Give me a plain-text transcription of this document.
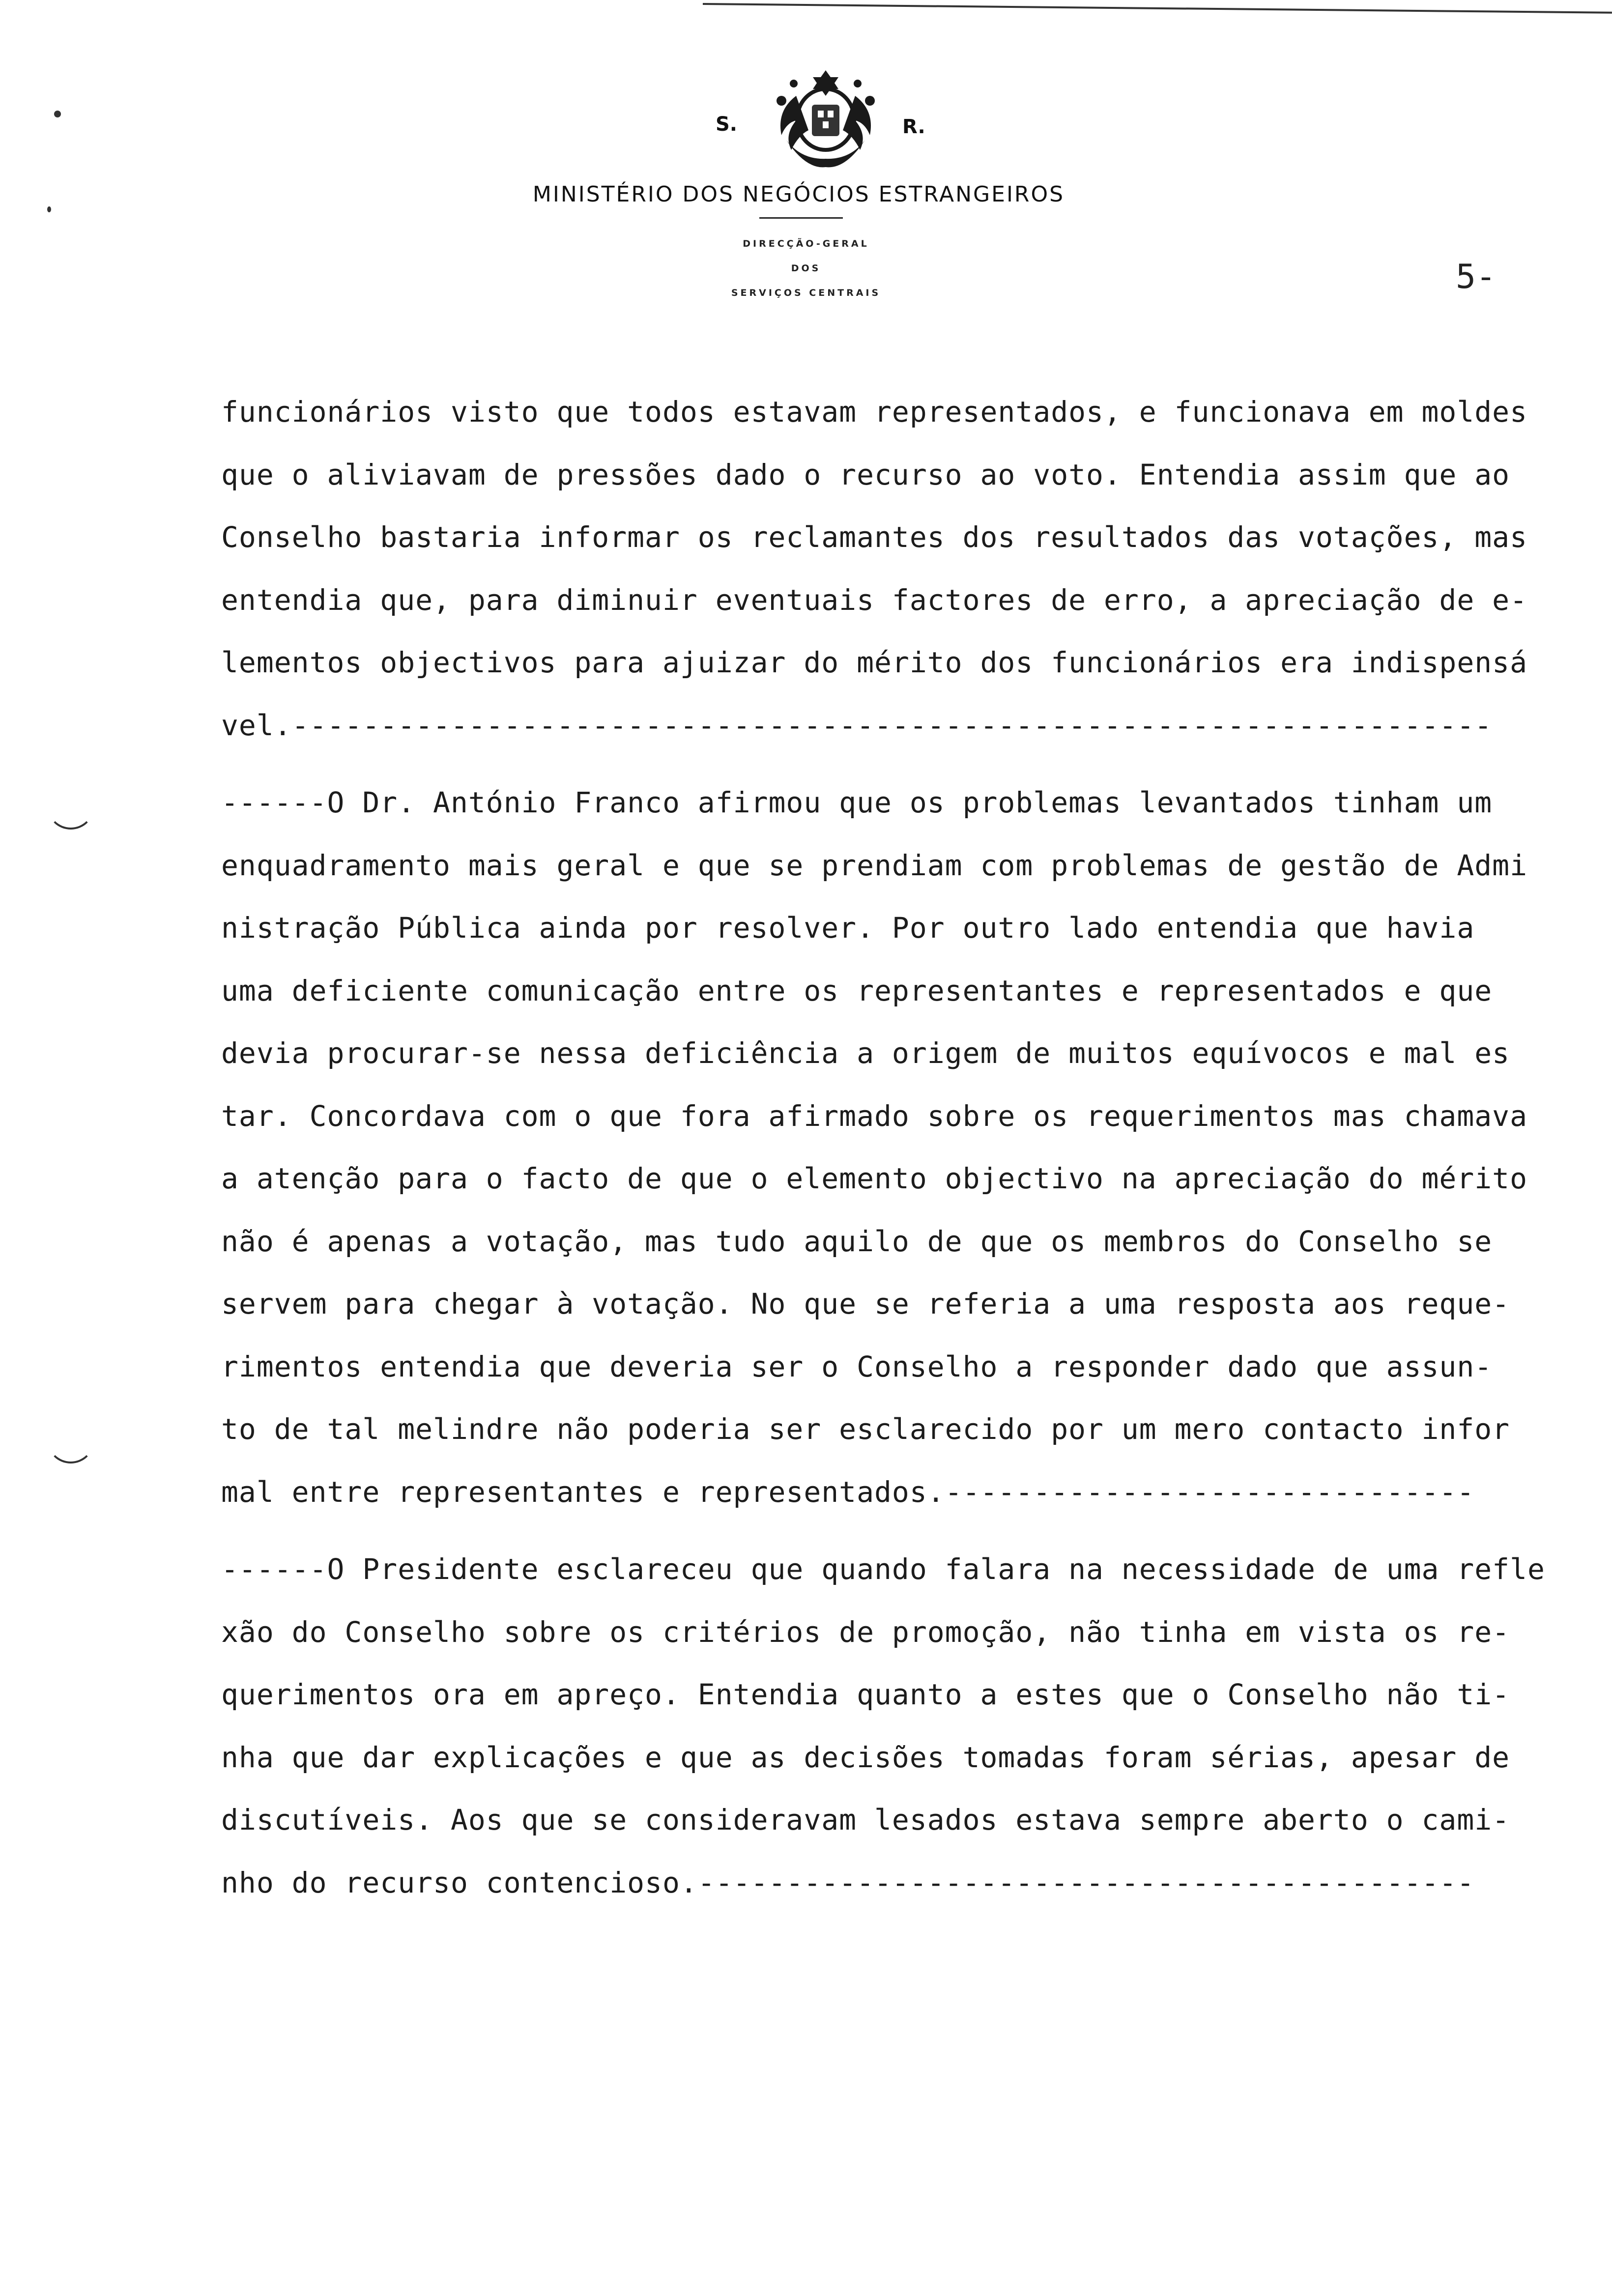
S.	R.
MINISTÉRIO DOS NEGÓCIOS ESTRANGEIROS
DIRECÇÃO-GERAL
DOS
SERVIÇOS CENTRAIS	5-
funcionários visto que todos estavam representados, e funcionava em moldes
que o aliviavam de pressões dado o recurso ao voto. Entendia assim que ao
Conselho bastaria informar os reclamantes dos resultados das votações, mas
entendia que, para diminuir eventuais factores de erro, a apreciação de e-
lementos objectivos para ajuizar do mérito dos funcionários era indispensá
vel.--------------------------------------------------------------------
------O Dr. António Franco afirmou que os problemas levantados tinham um
enquadramento mais geral e que se prendiam com problemas de gestão de Admi
nistração Pública ainda por resolver. Por outro lado entendia que havia
uma deficiente comunicação entre os representantes e representados e que
devia procurar-se nessa deficiência a origem de muitos equívocos e mal es
tar. Concordava com o que fora afirmado sobre os requerimentos mas chamava
a atenção para o facto de que o elemento objectivo na apreciação do mérito
não é apenas a votação, mas tudo aquilo de que os membros do Conselho se
servem para chegar à votação. No que se referia a uma resposta aos reque-
rimentos entendia que deveria ser o Conselho a responder dado que assun-
to de tal melindre não poderia ser esclarecido por um mero contacto infor
mal entre representantes e representados.------------------------------
------O Presidente esclareceu que quando falara na necessidade de uma refle
xão do Conselho sobre os critérios de promoção, não tinha em vista os re-
querimentos ora em apreço. Entendia quanto a estes que o Conselho não ti-
nha que dar explicações e que as decisões tomadas foram sérias, apesar de
discutíveis. Aos que se consideravam lesados estava sempre aberto o cami-
nho do recurso contencioso.--------------------------------------------
